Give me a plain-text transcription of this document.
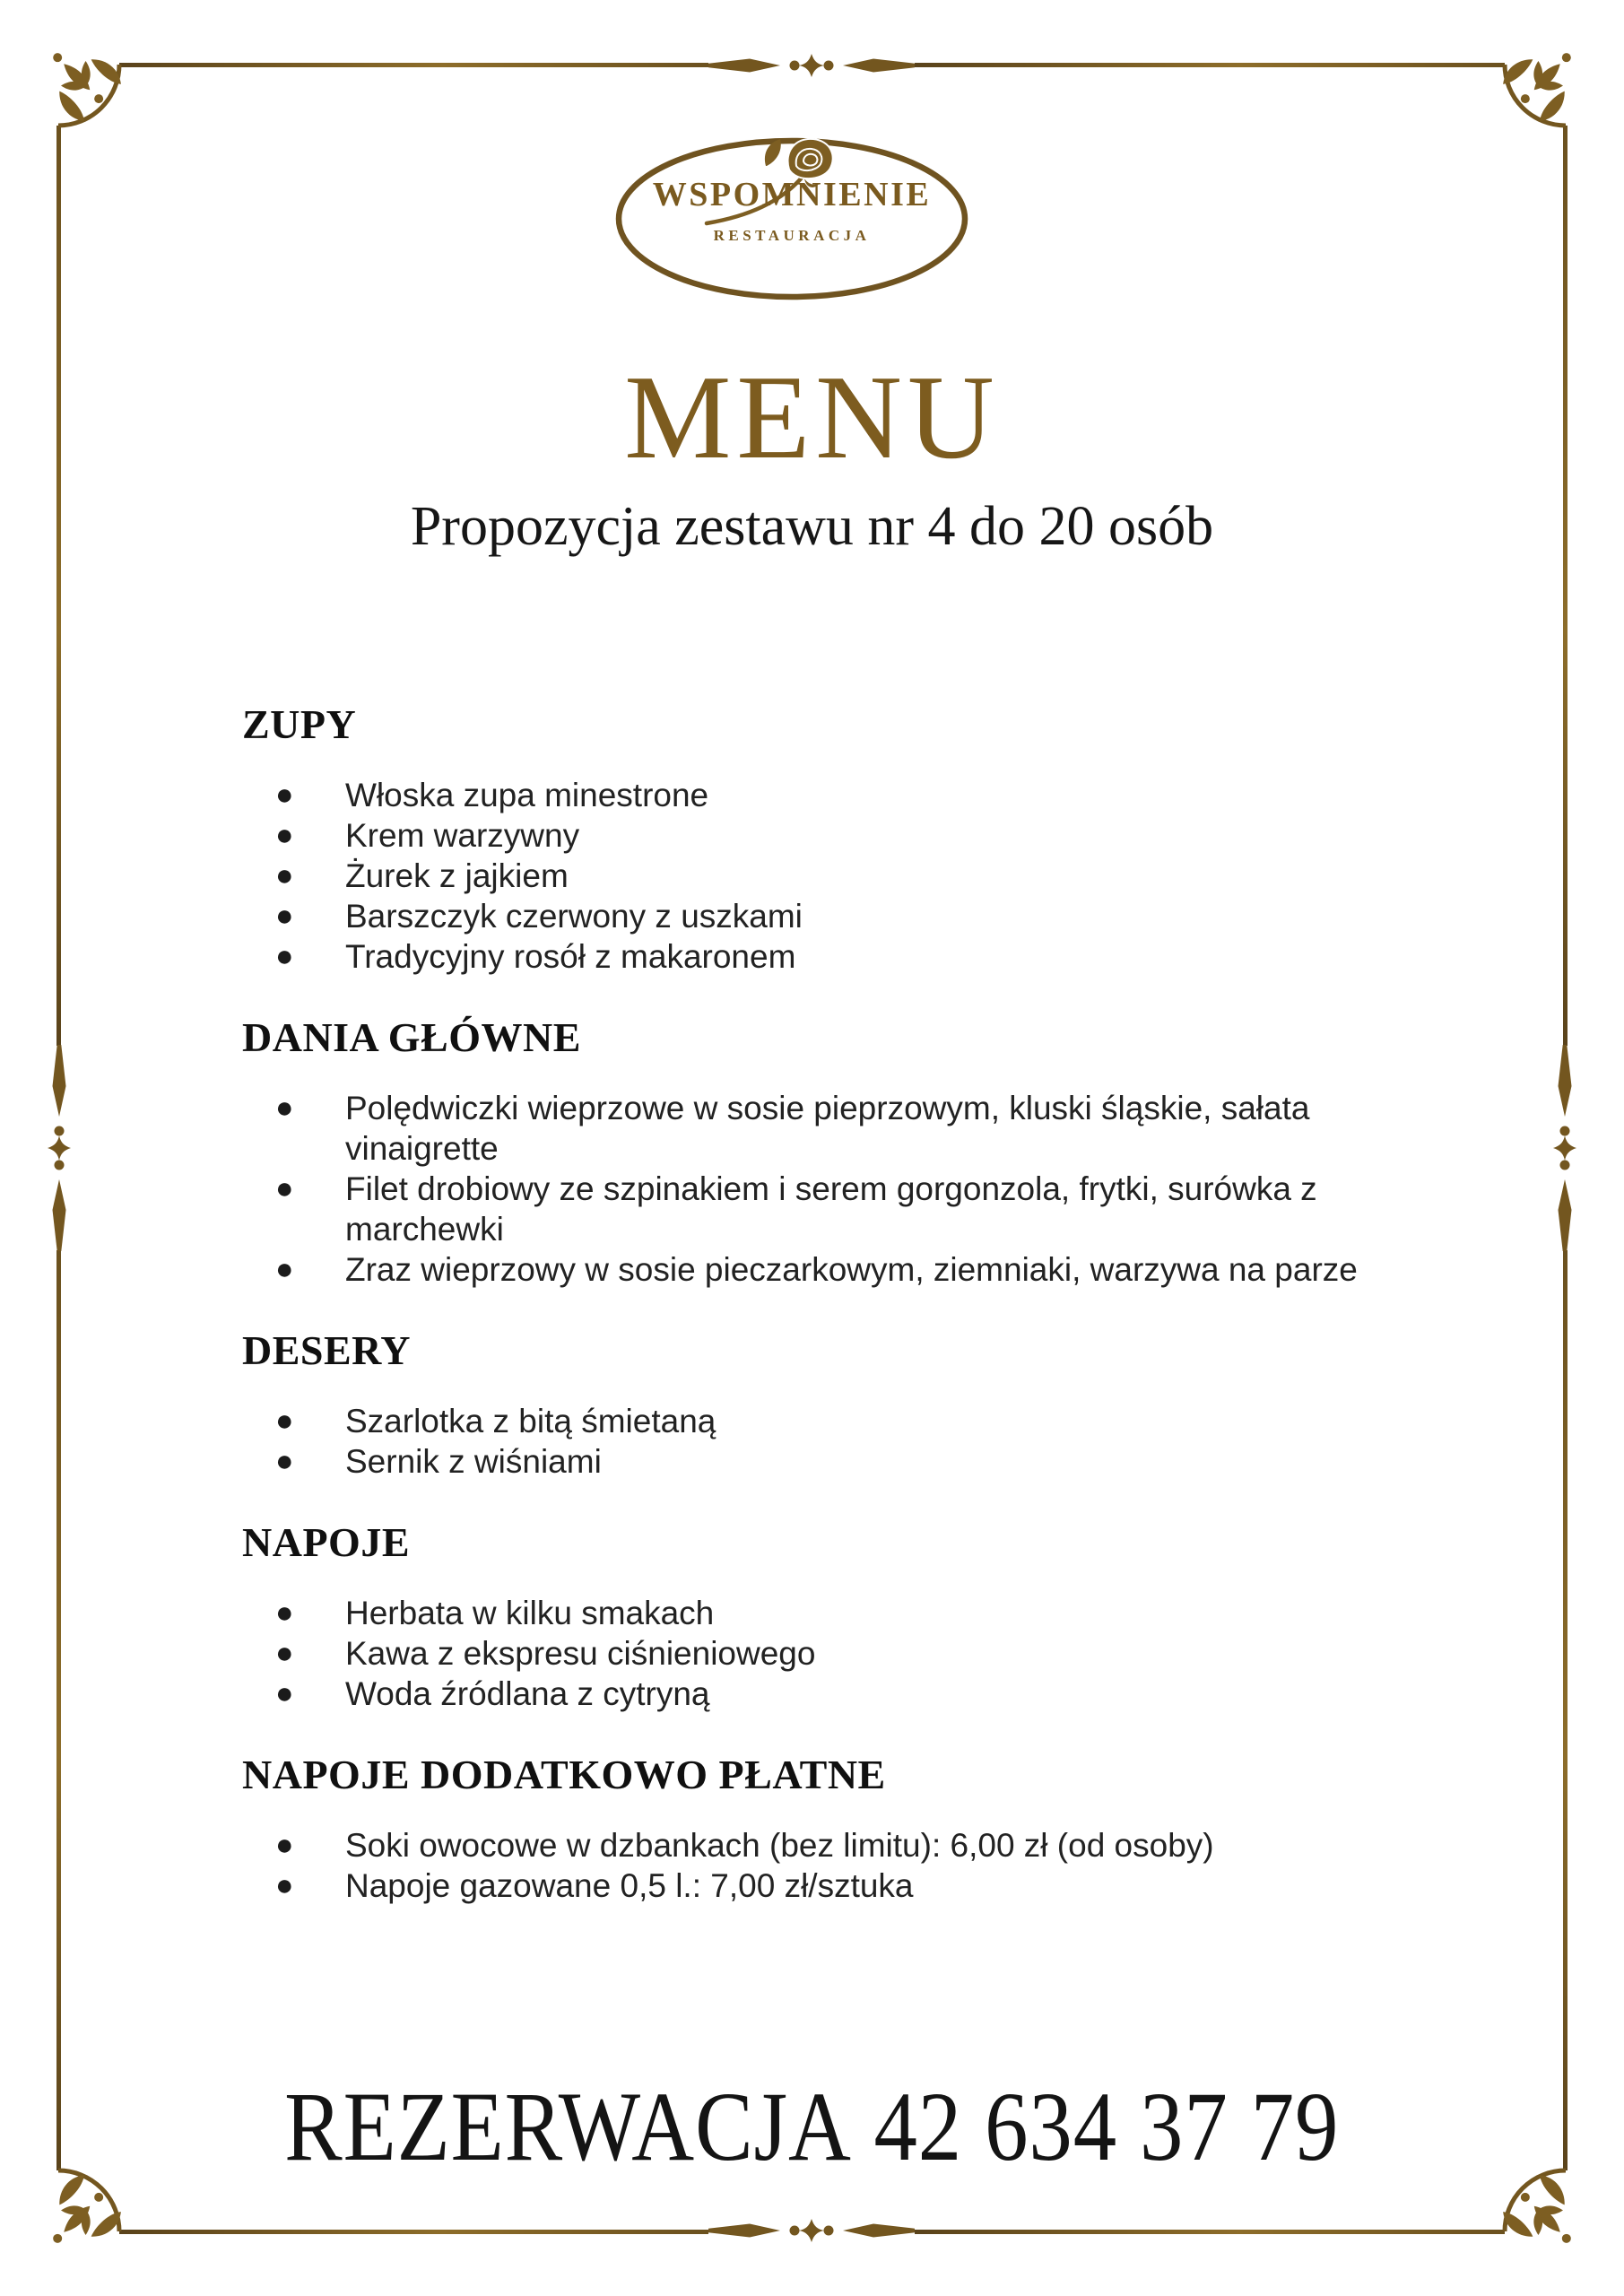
WSPOMNIENIE
RESTAURACJA
MENU
Propozycja zestawu nr 4 do 20 osób
ZUPY
●	Włoska zupa minestrone
●	Krem warzywny
●	Żurek z jajkiem
●	Barszczyk czerwony z uszkami
●	Tradycyjny rosół z makaronem
DANIA GŁÓWNE
●	Polędwiczki wieprzowe w sosie pieprzowym, kluski śląskie, sałata vinaigrette
●	Filet drobiowy ze szpinakiem i serem gorgonzola, frytki, surówka z marchewki
●	Zraz wieprzowy w sosie pieczarkowym, ziemniaki, warzywa na parze
DESERY
●	Szarlotka z bitą śmietaną
●	Sernik z wiśniami
NAPOJE
●	Herbata w kilku smakach
●	Kawa z ekspresu ciśnieniowego
●	Woda źródlana z cytryną
NAPOJE DODATKOWO PŁATNE
●	Soki owocowe w dzbankach (bez limitu): 6,00 zł (od osoby)
●	Napoje gazowane 0,5 l.: 7,00 zł/sztuka
REZERWACJA 42 634 37 79
